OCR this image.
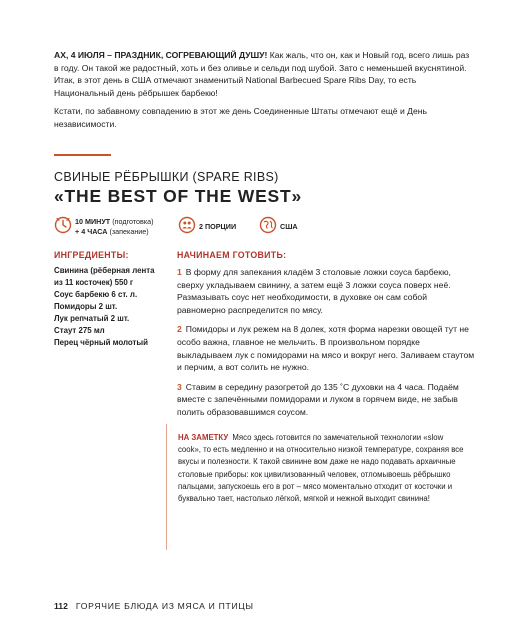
АХ, 4 ИЮЛЯ – ПРАЗДНИК, СОГРЕВАЮЩИЙ ДУШУ! Как жаль, что он, как и Новый год, всего лишь раз в году. Он такой же радостный, хоть и без оливье и сельди под шубой. Зато с неменьшей вкуснятиной. Итак, в этот день в США отмечают знаменитый National Barbecued Spare Ribs Day, то есть Национальный день рёбрышек барбекю!

Кстати, по забавному совпадению в этот же день Соединенные Штаты отмечают ещё и День независимости.

СВИНЫЕ РЁБРЫШКИ (SPARE RIBS)
«THE BEST OF THE WEST»
10 МИНУТ (подготовка)
+ 4 ЧАСА (запекание)
2 ПОРЦИИ	США
ИНГРЕДИЕНТЫ:
Свинина (рёберная лента
из 11 косточек) 550 г
Соус барбекю 6 ст. л.
Помидоры 2 шт.
Лук репчатый 2 шт.
Стаут 275 мл
Перец чёрный молотый
НАЧИНАЕМ ГОТОВИТЬ:

1 В форму для запекания кладём 3 столовые ложки соуса барбекю, сверху укладываем свинину, а затем ещё 3 ложки соуса поверх неё. Размазывать соус нет необходимости, в духовке он сам собой равномерно распределится по мясу.

2 Помидоры и лук режем на 8 долек, хотя форма нарезки овощей тут не особо важна, главное не мельчить. В произвольном порядке выкладываем лук с помидорами на мясо и вокруг него. Заливаем стаутом и перчим, а вот солить не нужно.

3 Ставим в середину разогретой до 135 ˚С духовки на 4 часа. Подаём вместе с запечёнными помидорами и луком в горячем виде, не забыв полить образовавшимся соусом.

НА ЗАМЕТКУ Мясо здесь готовится по замечательной технологии «slow cook», то есть медленно и на относительно низкой температуре, сохраняя все вкусы и полезности. К такой свинине вом даже не надо подавать архаичные столовые приборы: кок цивилизованный человек, отломывоешь рёбрышко пальцами, запускоешь его в рот – мясо моментально отходит от косточки и буквально тает, настолько лёгкой, мягкой и нежной выходит свинина!
112 ГОРЯЧИЕ БЛЮДА ИЗ МЯСА И ПТИЦЫ
